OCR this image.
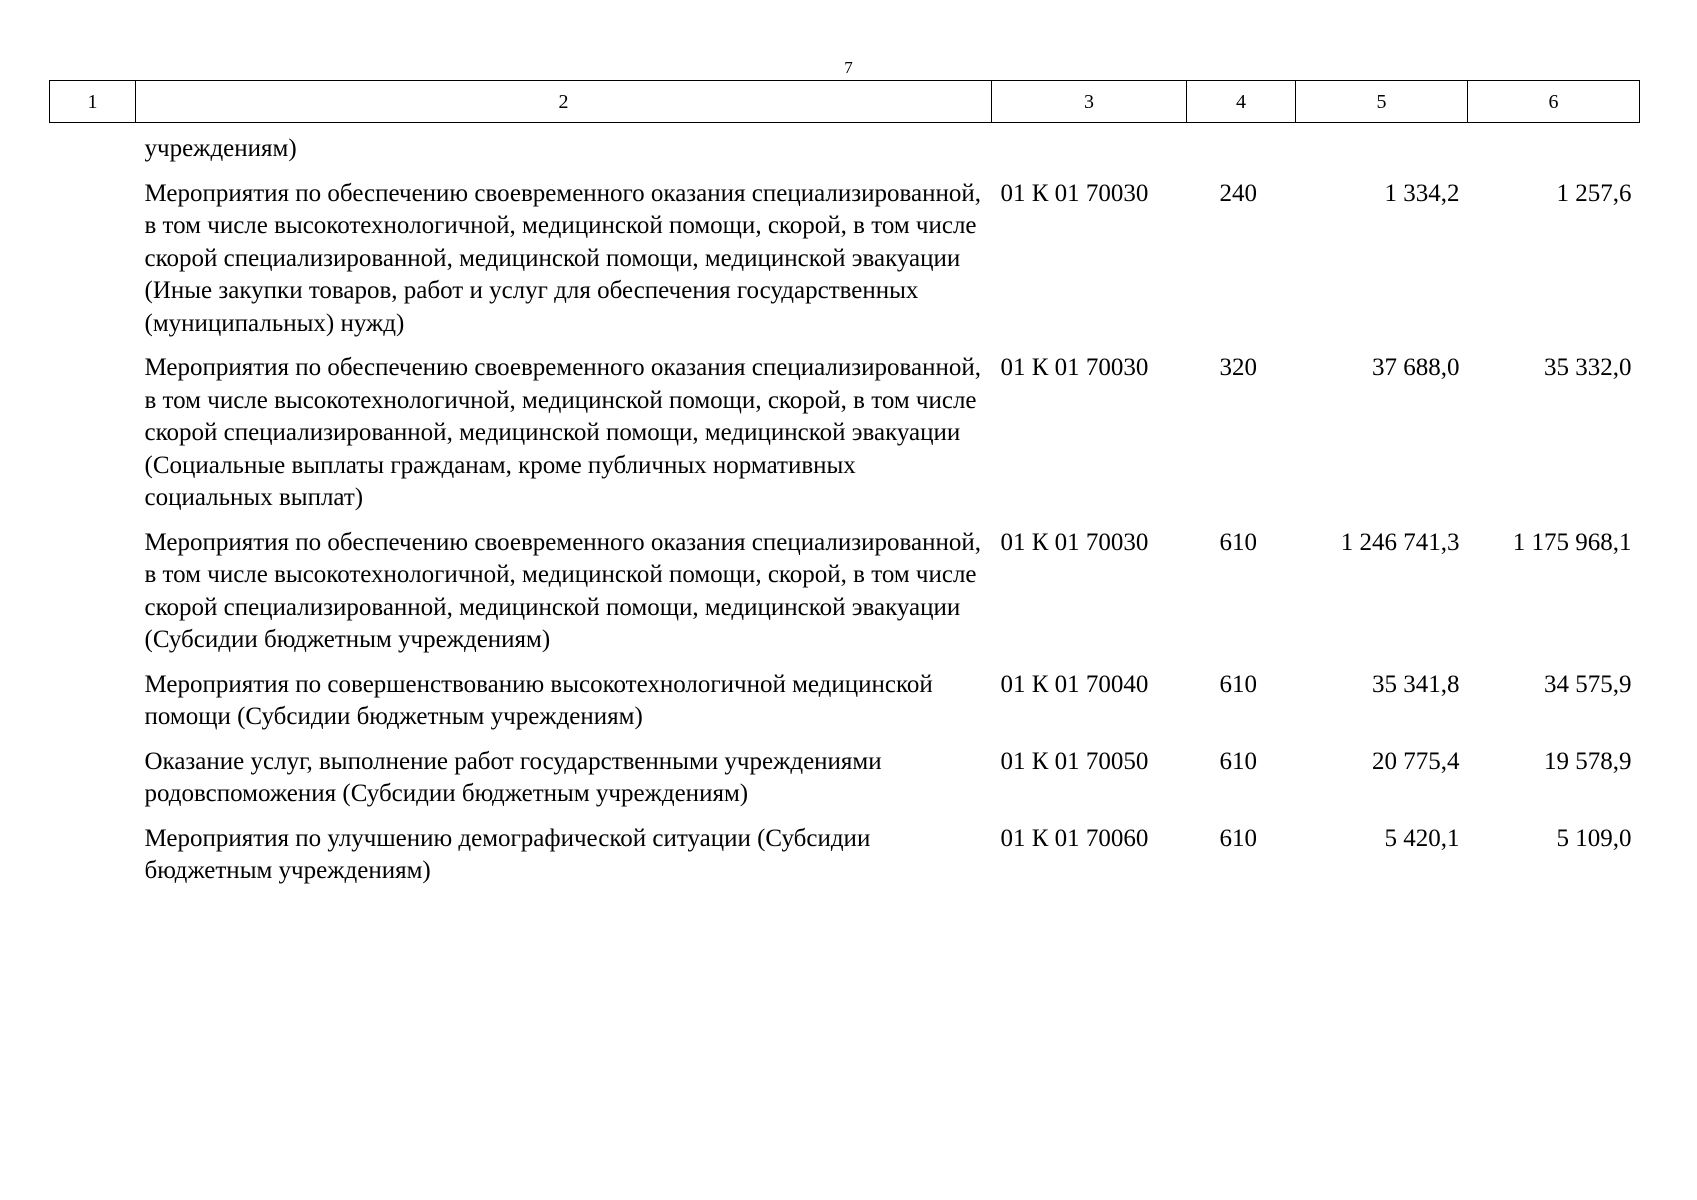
7
1	2	3	4	5	6
	учреждениям)				
	Мероприятия по обеспечению своевременного оказания специализированной, в том числе высокотехнологичной, медицинской помощи, скорой, в том числе скорой специализированной, медицинской помощи, медицинской эвакуации (Иные закупки товаров, работ и услуг для обеспечения государственных (муниципальных) нужд)	01 К 01 70030	240	1 334,2	1 257,6
	Мероприятия по обеспечению своевременного оказания специализированной, в том числе высокотехнологичной, медицинской помощи, скорой, в том числе скорой специализированной, медицинской помощи, медицинской эвакуации (Социальные выплаты гражданам, кроме публичных нормативных социальных выплат)	01 К 01 70030	320	37 688,0	35 332,0
	Мероприятия по обеспечению своевременного оказания специализированной, в том числе высокотехнологичной, медицинской помощи, скорой, в том числе скорой специализированной, медицинской помощи, медицинской эвакуации (Субсидии бюджетным учреждениям)	01 К 01 70030	610	1 246 741,3	1 175 968,1
	Мероприятия по совершенствованию высокотехнологичной медицинской помощи (Субсидии бюджетным учреждениям)	01 К 01 70040	610	35 341,8	34 575,9
	Оказание услуг, выполнение работ государственными учреждениями родовспоможения (Субсидии бюджетным учреждениям)	01 К 01 70050	610	20 775,4	19 578,9
	Мероприятия по улучшению демографической ситуации (Субсидии бюджетным учреждениям)	01 К 01 70060	610	5 420,1	5 109,0
